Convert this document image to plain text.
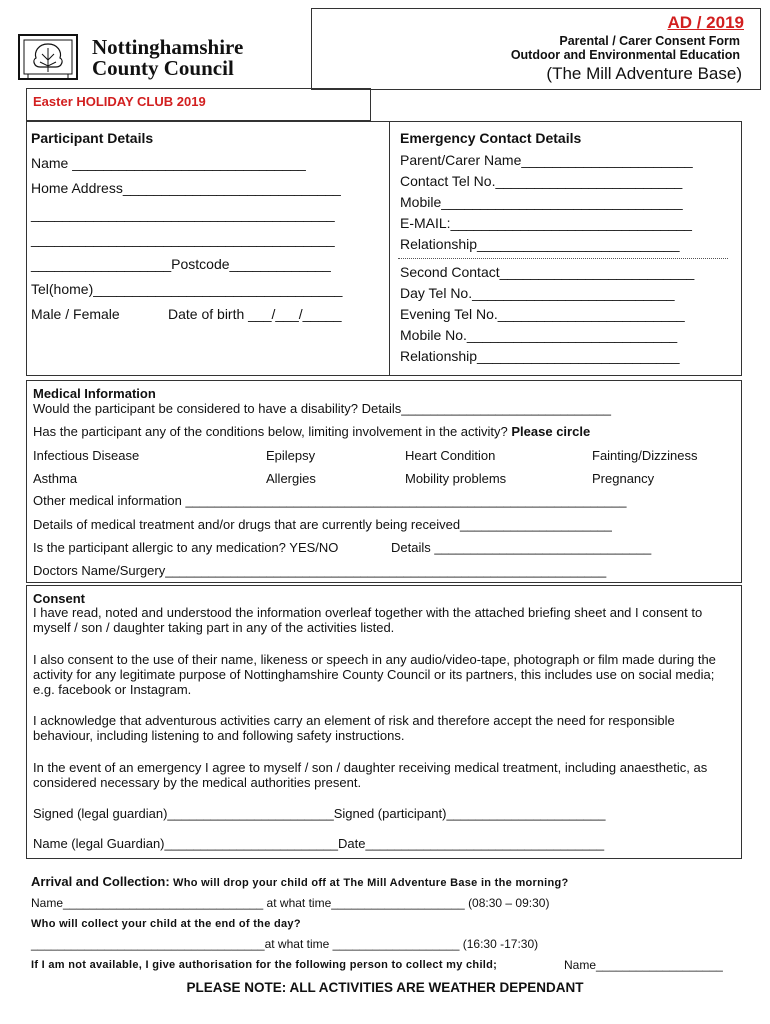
AD / 2019
Parental / Carer Consent Form
Outdoor and Environmental Education
(The Mill Adventure Base)
Nottinghamshire
County Council
Easter HOLIDAY CLUB 2019
Participant Details
Name ______________________________
Home Address____________________________
_______________________________________
_______________________________________
__________________Postcode_____________
Tel(home)________________________________
Male / Female	Date of birth ___/___/_____
Emergency Contact Details
Parent/Carer Name______________________
Contact Tel No.________________________
Mobile_______________________________
E-MAIL:_______________________________
Relationship__________________________
Second Contact_________________________
Day Tel No.__________________________
Evening Tel No.________________________
Mobile No.___________________________
Relationship__________________________
Medical Information
Would the participant be considered to have a disability? Details_____________________________
Has the participant any of the conditions below, limiting involvement in the activity? Please circle
Infectious Disease	Epilepsy	Heart Condition	Fainting/Dizziness
Asthma	Allergies	Mobility problems	Pregnancy
Other medical information _____________________________________________________________
Details of medical treatment and/or drugs that are currently being received_____________________
Is the participant allergic to any medication? YES/NO	Details ______________________________
Doctors Name/Surgery_____________________________________________________________
Consent
I have read, noted and understood the information overleaf together with the attached briefing sheet and I consent to myself / son / daughter taking part in any of the activities listed.
I also consent to the use of their name, likeness or speech in any audio/video-tape, photograph or film made during the activity for any legitimate purpose of Nottinghamshire County Council or its partners, this includes use on social media; e.g. facebook or Instagram.
I acknowledge that adventurous activities carry an element of risk and therefore accept the need for responsible behaviour, including listening to and following safety instructions.
In the event of an emergency I agree to myself / son / daughter receiving medical treatment, including anaesthetic, as considered necessary by the medical authorities present.
Signed (legal guardian)_______________________Signed (participant)______________________
Name (legal Guardian)________________________Date_________________________________
Arrival and Collection: Who will drop your child off at The Mill Adventure Base in the morning?
Name______________________________ at what time____________________ (08:30 – 09:30)
Who will collect your child at the end of the day?
___________________________________at what time ___________________ (16:30 -17:30)
If I am not available, I give authorisation for the following person to collect my child;	Name___________________
PLEASE NOTE: ALL ACTIVITIES ARE WEATHER DEPENDANT
